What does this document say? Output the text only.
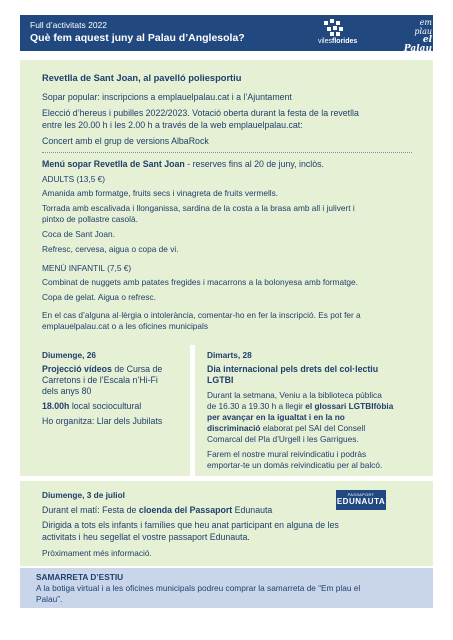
Full d’activitats 2022
Què fem aquest juny al Palau d’Anglesola?	vilesflorides
em plau
el Palau
Revetlla de Sant Joan, al pavelló poliesportiu
Sopar popular: inscripcions a emplauelpalau.cat i a l’Ajuntament
Elecció d’hereus i pubilles 2022/2023. Votació oberta durant la festa de la revetlla
entre les 20.00 h i les 2.00 h a través de la web emplauelpalau.cat:
Concert amb el grup de versions AlbaRock
Menú sopar Revetlla de Sant Joan - reserves fins al 20 de juny, inclòs.
ADULTS (13,5 €)
Amanida amb formatge, fruits secs i vinagreta de fruits vermells.
Torrada amb escalivada i llonganissa, sardina de la costa a la brasa amb all i julivert i
pintxo de pollastre casolà.
Coca de Sant Joan.
Refresc, cervesa, aigua o copa de vi.
MENÚ INFANTIL (7,5 €)
Combinat de nuggets amb patates fregides i macarrons a la bolonyesa amb formatge.
Copa de gelat. Aigua o refresc.
En el cas d’alguna al·lèrgia o intolerància, comentar-ho en fer la inscripció. Es pot fer a
emplauelpalau.cat o a les oficines municipals
Diumenge, 26
Projecció vídeos de Cursa de
Carretons i de l’Escala n’Hi-Fi
dels anys 80
18.00h local sociocultural
Ho organitza: Llar dels Jubilats
Dimarts, 28
Dia internacional pels drets del col·lectiu
LGTBI
Durant la setmana, Veniu a la biblioteca pública
de 16.30 a 19.30 h a llegir el glossari LGTBIfòbia
per avançar en la igualtat i en la no
discriminació elaborat pel SAI del Consell
Comarcal del Pla d’Urgell i les Garrigues.
Farem el nostre mural reivindicatiu i podràs
emportar-te un domàs reivindicatiu per al balcó.
Diumenge, 3 de juliol
Durant el matí: Festa de cloenda del Passaport Edunauta
Dirigida a tots els infants i famílies que heu anat participant en alguna de les
activitats i heu segellat el vostre passaport Edunauta.
Pròximament més informació.
PASSAPORT
EDUNAUTA
SAMARRETA D’ESTIU
A la botiga virtual i a les oficines municipals podreu comprar la samarreta de “Em plau el
Palau”.
